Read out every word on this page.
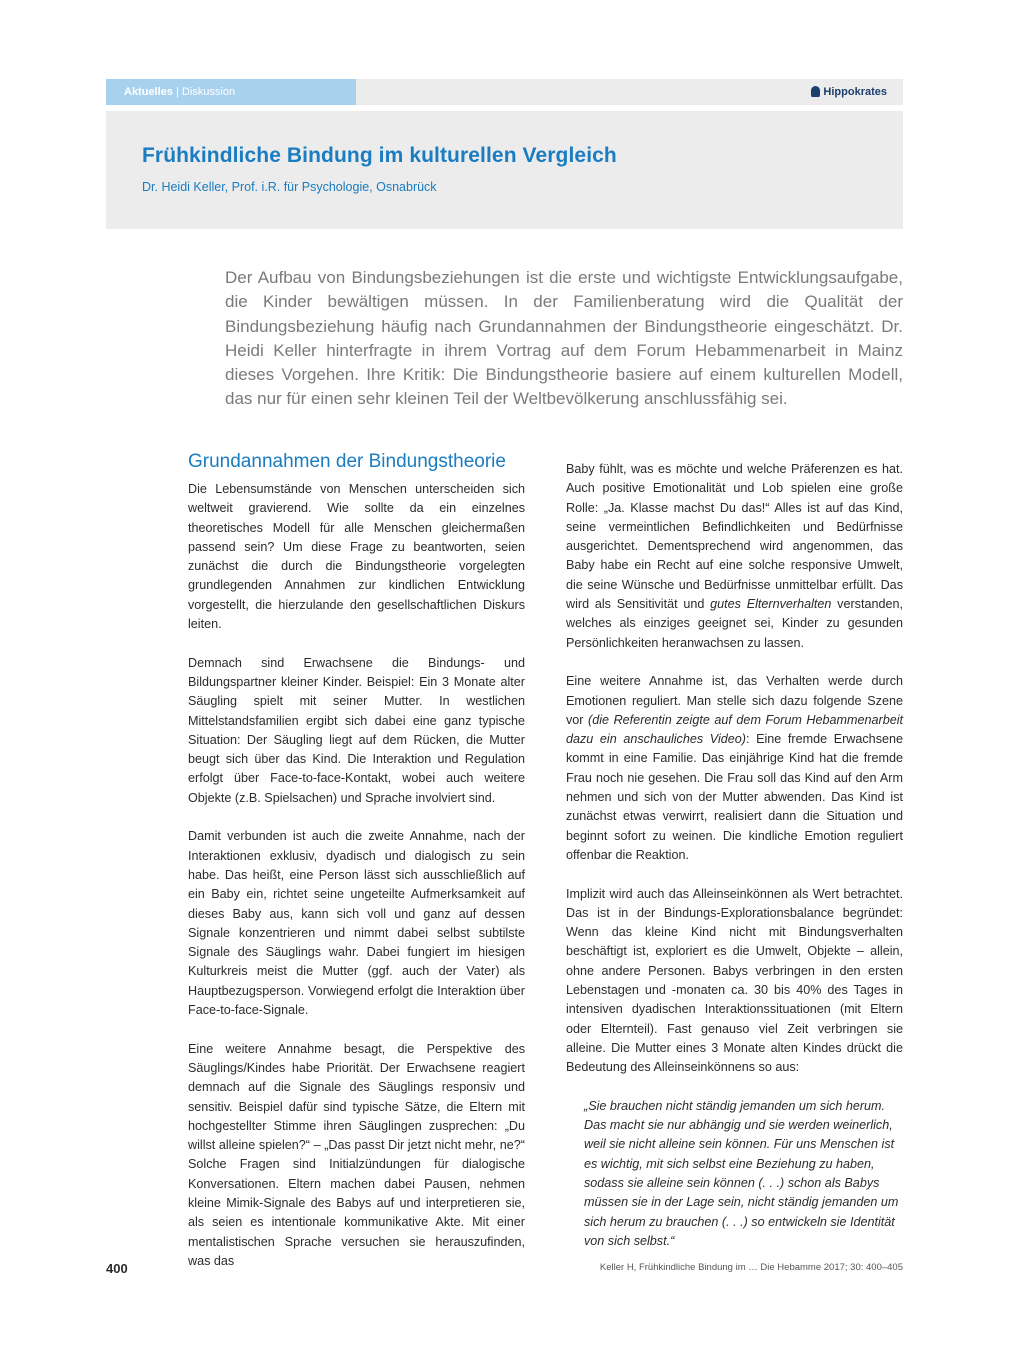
Aktuelles | Diskussion	Hippokrates
Frühkindliche Bindung im kulturellen Vergleich

Dr. Heidi Keller, Prof. i.R. für Psychologie, Osnabrück

Der Aufbau von Bindungsbeziehungen ist die erste und wichtigste Entwicklungsaufgabe, die Kinder bewältigen müssen. In der Familienberatung wird die Qualität der Bindungsbeziehung häufig nach Grundannahmen der Bindungstheorie eingeschätzt. Dr. Heidi Keller hinterfragte in ihrem Vortrag auf dem Forum Hebammenarbeit in Mainz dieses Vorgehen. Ihre Kritik: Die Bindungstheorie basiere auf einem kulturellen Modell, das nur für einen sehr kleinen Teil der Weltbevölkerung anschlussfähig sei.

Grundannahmen der Bindungstheorie

Die Lebensumstände von Menschen unterscheiden sich weltweit gravierend. Wie sollte da ein einzelnes theoretisches Modell für alle Menschen gleichermaßen passend sein? Um diese Frage zu beantworten, seien zunächst die durch die Bindungstheorie vorgelegten grundlegenden Annahmen zur kindlichen Entwicklung vorgestellt, die hierzulande den gesellschaftlichen Diskurs leiten.

Demnach sind Erwachsene die Bindungs- und Bildungspartner kleiner Kinder. Beispiel: Ein 3 Monate alter Säugling spielt mit seiner Mutter. In westlichen Mittelstandsfamilien ergibt sich dabei eine ganz typische Situation: Der Säugling liegt auf dem Rücken, die Mutter beugt sich über das Kind. Die Interaktion und Regulation erfolgt über Face-to-face-Kontakt, wobei auch weitere Objekte (z.B. Spielsachen) und Sprache involviert sind.

Damit verbunden ist auch die zweite Annahme, nach der Interaktionen exklusiv, dyadisch und dialogisch zu sein habe. Das heißt, eine Person lässt sich ausschließlich auf ein Baby ein, richtet seine ungeteilte Aufmerksamkeit auf dieses Baby aus, kann sich voll und ganz auf dessen Signale konzentrieren und nimmt dabei selbst subtilste Signale des Säuglings wahr. Dabei fungiert im hiesigen Kulturkreis meist die Mutter (ggf. auch der Vater) als Hauptbezugsperson. Vorwiegend erfolgt die Interaktion über Face-to-face-Signale.

Eine weitere Annahme besagt, die Perspektive des Säuglings/Kindes habe Priorität. Der Erwachsene reagiert demnach auf die Signale des Säuglings responsiv und sensitiv. Beispiel dafür sind typische Sätze, die Eltern mit hochgestellter Stimme ihren Säuglingen zusprechen: „Du willst alleine spielen?“ – „Das passt Dir jetzt nicht mehr, ne?“ Solche Fragen sind Initialzündungen für dialogische Konversationen. Eltern machen dabei Pausen, nehmen kleine Mimik-Signale des Babys auf und interpretieren sie, als seien es intentionale kommunikative Akte. Mit einer mentalistischen Sprache versuchen sie herauszufinden, was das

Baby fühlt, was es möchte und welche Präferenzen es hat. Auch positive Emotionalität und Lob spielen eine große Rolle: „Ja. Klasse machst Du das!“ Alles ist auf das Kind, seine vermeintlichen Befindlichkeiten und Bedürfnisse ausgerichtet. Dementsprechend wird angenommen, das Baby habe ein Recht auf eine solche responsive Umwelt, die seine Wünsche und Bedürfnisse unmittelbar erfüllt. Das wird als Sensitivität und gutes Elternverhalten verstanden, welches als einziges geeignet sei, Kinder zu gesunden Persönlichkeiten heranwachsen zu lassen.

Eine weitere Annahme ist, das Verhalten werde durch Emotionen reguliert. Man stelle sich dazu folgende Szene vor (die Referentin zeigte auf dem Forum Hebammenarbeit dazu ein anschauliches Video): Eine fremde Erwachsene kommt in eine Familie. Das einjährige Kind hat die fremde Frau noch nie gesehen. Die Frau soll das Kind auf den Arm nehmen und sich von der Mutter abwenden. Das Kind ist zunächst etwas verwirrt, realisiert dann die Situation und beginnt sofort zu weinen. Die kindliche Emotion reguliert offenbar die Reaktion.

Implizit wird auch das Alleinseinkönnen als Wert betrachtet. Das ist in der Bindungs-Explorationsbalance begründet: Wenn das kleine Kind nicht mit Bindungsverhalten beschäftigt ist, exploriert es die Umwelt, Objekte – allein, ohne andere Personen. Babys verbringen in den ersten Lebenstagen und -monaten ca. 30 bis 40% des Tages in intensiven dyadischen Interaktionssituationen (mit Eltern oder Elternteil). Fast genauso viel Zeit verbringen sie alleine. Die Mutter eines 3 Monate alten Kindes drückt die Bedeutung des Alleinseinkönnens so aus:

„Sie brauchen nicht ständig jemanden um sich herum. Das macht sie nur abhängig und sie werden weinerlich, weil sie nicht alleine sein können. Für uns Menschen ist es wichtig, mit sich selbst eine Beziehung zu haben, sodass sie alleine sein können (. . .) schon als Babys müssen sie in der Lage sein, nicht ständig jemanden um sich herum zu brauchen (. . .) so entwickeln sie Identität von sich selbst.“

400	Keller H, Frühkindliche Bindung im … Die Hebamme 2017; 30: 400–405
